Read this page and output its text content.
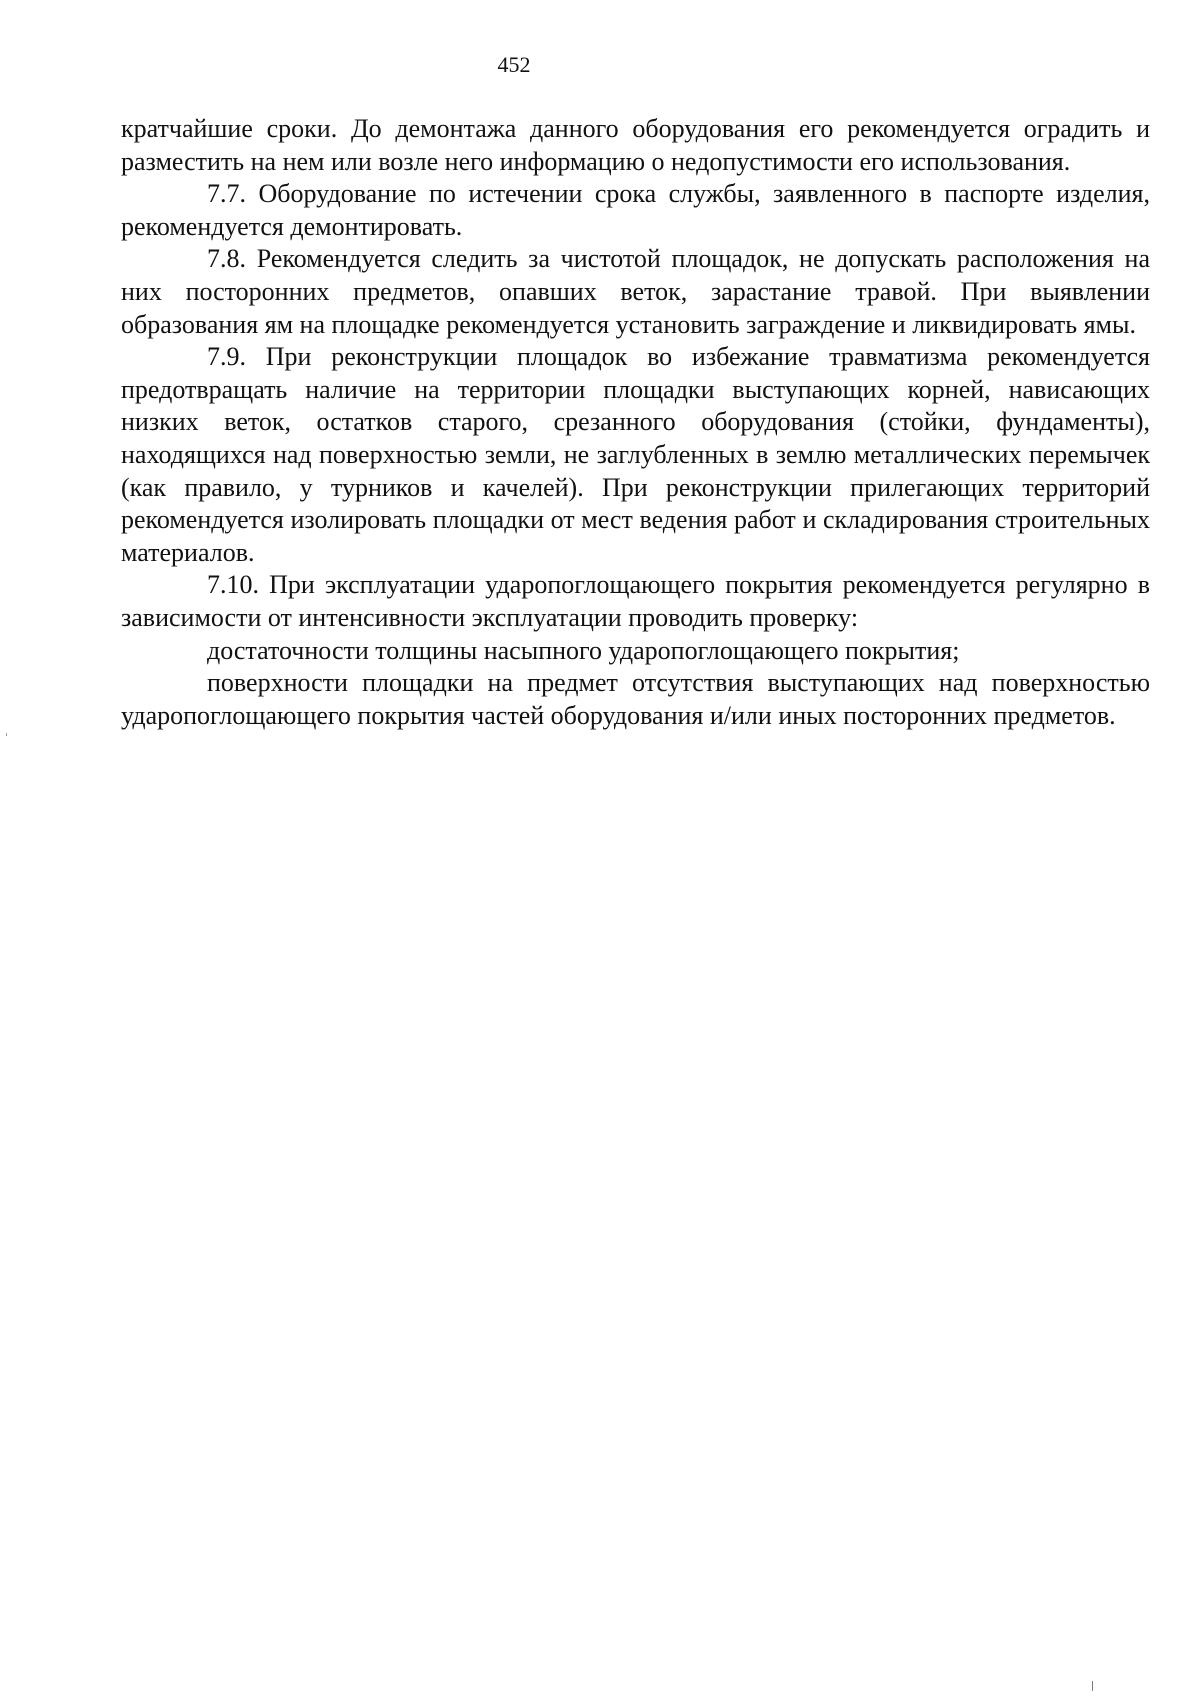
452

кратчайшие сроки. До демонтажа данного оборудования его рекомендуется оградить и разместить на нем или возле него информацию о недопустимости его использования.

7.7. Оборудование по истечении срока службы, заявленного в паспорте изделия, рекомендуется демонтировать.

7.8. Рекомендуется следить за чистотой площадок, не допускать расположения на них посторонних предметов, опавших веток, зарастание травой. При выявлении образования ям на площадке рекомендуется установить заграждение и ликвидировать ямы.

7.9. При реконструкции площадок во избежание травматизма рекомендуется предотвращать наличие на территории площадки выступающих корней, нависающих низких веток, остатков старого, срезанного оборудования (стойки, фундаменты), находящихся над поверхностью земли, не заглубленных в землю металлических перемычек (как правило, у турников и качелей). При реконструкции прилегающих территорий рекомендуется изолировать площадки от мест ведения работ и складирования строительных материалов.

7.10. При эксплуатации ударопоглощающего покрытия рекомендуется регулярно в зависимости от интенсивности эксплуатации проводить проверку:

достаточности толщины насыпного ударопоглощающего покрытия;

поверхности площадки на предмет отсутствия выступающих над поверхностью ударопоглощающего покрытия частей оборудования и/или иных посторонних предметов.
